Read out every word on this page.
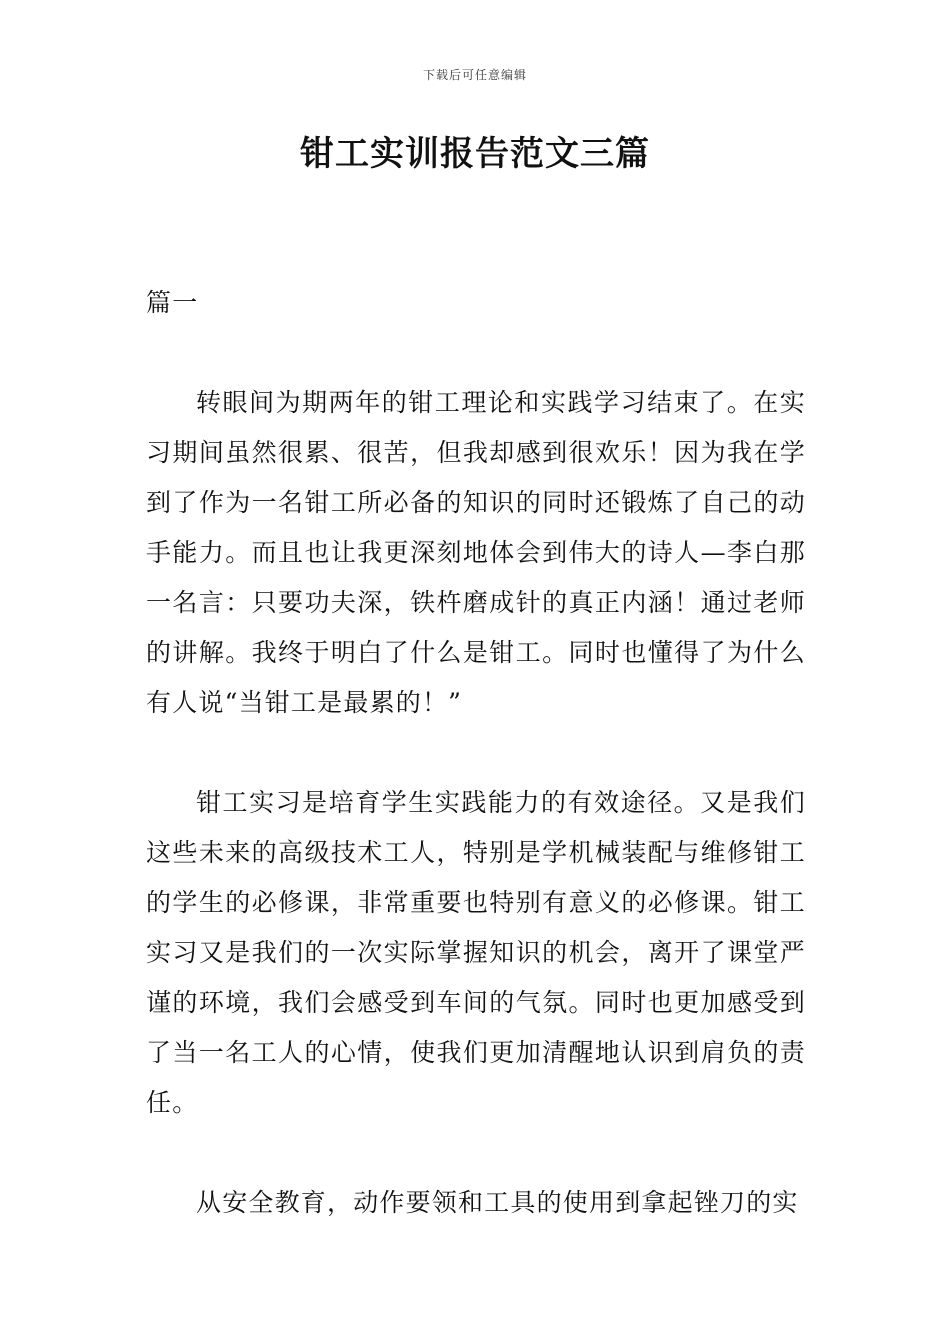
下载后可任意编辑
钳工实训报告范文三篇

篇一

转眼间为期两年的钳工理论和实践学习结束了。在实习期间虽然很累、很苦，但我却感到很欢乐！因为我在学到了作为一名钳工所必备的知识的同时还锻炼了自己的动手能力。而且也让我更深刻地体会到伟大的诗人—李白那一名言：只要功夫深，铁杵磨成针的真正内涵！通过老师的讲解。我终于明白了什么是钳工。同时也懂得了为什么有人说“当钳工是最累的！”

钳工实习是培育学生实践能力的有效途径。又是我们这些未来的高级技术工人，特别是学机械装配与维修钳工的学生的必修课，非常重要也特别有意义的必修课。钳工实习又是我们的一次实际掌握知识的机会，离开了课堂严谨的环境，我们会感受到车间的气氛。同时也更加感受到了当一名工人的心情，使我们更加清醒地认识到肩负的责任。

从安全教育，动作要领和工具的使用到拿起锉刀的实
